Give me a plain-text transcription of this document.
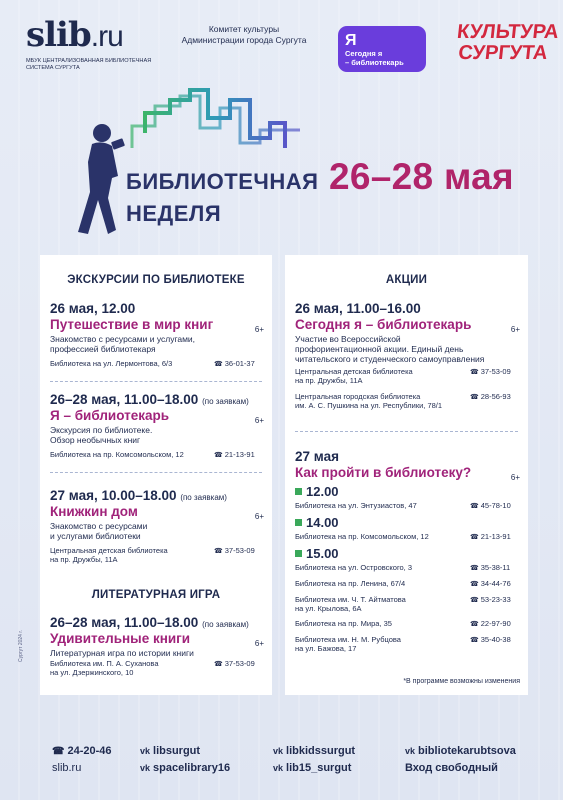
slib.ru
МБУК ЦЕНТРАЛИЗОВАННАЯ БИБЛИОТЕЧНАЯ СИСТЕМА СУРГУТА
Комитет культуры
Администрации города Сургута Я
Сегодня я
– библиотекарь
КУЛЬТУРА
СУРГУТА
БИБЛИОТЕЧНАЯ
НЕДЕЛЯ
26–28 мая
ЭКСКУРСИИ ПО БИБЛИОТЕКЕ
26 мая, 12.00
Путешествие в мир книг	6+
Знакомство с ресурсами и услугами,
профессией библиотекаря
Библиотека на ул. Лермонтова, 6/3	☎ 36-01-37
26–28 мая, 11.00–18.00 (по заявкам)
Я – библиотекарь	6+
Экскурсия по библиотеке.
Обзор необычных книг
Библиотека на пр. Комсомольском, 12	☎ 21-13-91
27 мая, 10.00–18.00 (по заявкам)
Книжкин дом	6+
Знакомство с ресурсами
и услугами библиотеки
Центральная детская библиотека
на пр. Дружбы, 11А
☎ 37-53-09
ЛИТЕРАТУРНАЯ ИГРА
26–28 мая, 11.00–18.00 (по заявкам)
Удивительные книги	6+
Литературная игра по истории книги
Библиотека им. П. А. Суханова
на ул. Дзержинского, 10
☎ 37-53-09
АКЦИИ
26 мая, 11.00–16.00
Сегодня я – библиотекарь	6+
Участие во Всероссийской
профориентационной акции. Единый день
читательского и студенческого самоуправления
Центральная детская библиотека
на пр. Дружбы, 11А
☎ 37-53-09
Центральная городская библиотека
им. А. С. Пушкина на ул. Республики, 78/1
☎ 28-56-93
27 мая
Как пройти в библиотеку?	6+
12.00
Библиотека на ул. Энтузиастов, 47	☎ 45-78-10
14.00
Библиотека на пр. Комсомольском, 12	☎ 21-13-91
15.00
Библиотека на ул. Островского, 3	☎ 35-38-11
Библиотека на пр. Ленина, 67/4	☎ 34-44-76
Библиотека им. Ч. Т. Айтматова
на ул. Крылова, 6А
☎ 53-23-33
Библиотека на пр. Мира, 35	☎ 22-97-90
Библиотека им. Н. М. Рубцова
на ул. Бажова, 17
☎ 35-40-38
*В программе возможны изменения
Сургут 2024 г.
☎ 24-20-46
slib.ru
vk libsurgut
vk spacelibrary16
vk libkidssurgut
vk lib15_surgut
vk bibliotekarubtsova
Вход свободный
